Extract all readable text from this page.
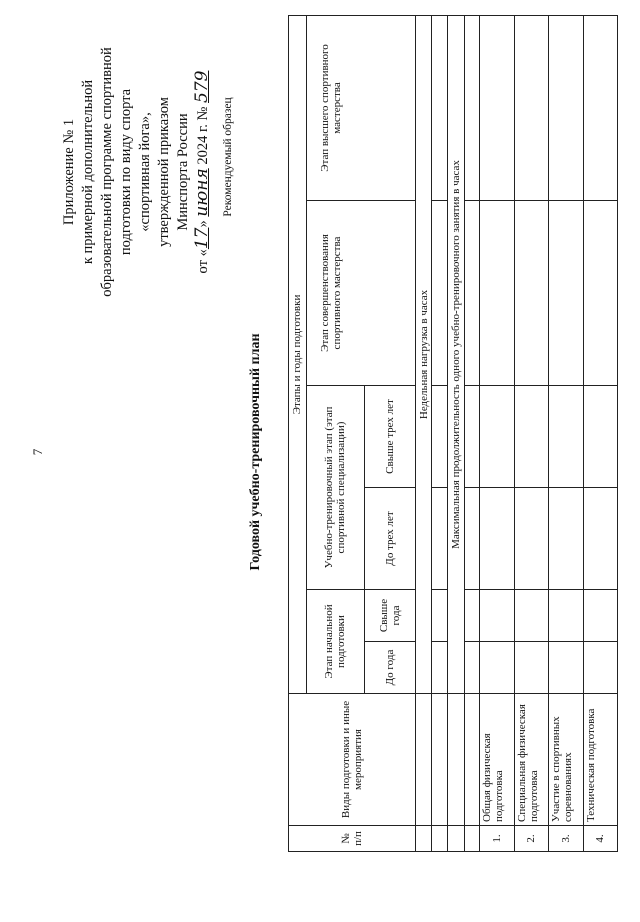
7
Приложение № 1 к примерной дополнительной образовательной программе спортивной подготовки по виду спорта «спортивная йога», утвержденной приказом Минспорта России
от «17» июня 2024 г. № 579
Рекомендуемый образец
Годовой учебно-тренировочный план
№ п/п	Виды подготовки и иные мероприятия	Этапы и годы подготовки					
		Этап начальной подготовки		Учебно-тренировочный этап (этап спортивной специализации)		Этап совершенствования спортивного мастерства	Этап высшего спортивного мастерства
		До года	Свыше года	До трех лет	Свыше трех лет		
		Недельная нагрузка в часах					

		Максимальная продолжительность одного учебно-тренировочного занятия в часах					

1.	Общая физическая подготовка						
2.	Специальная физическая подготовка						
3.	Участие в спортивных соревнованиях						
4.	Техническая подготовка						
